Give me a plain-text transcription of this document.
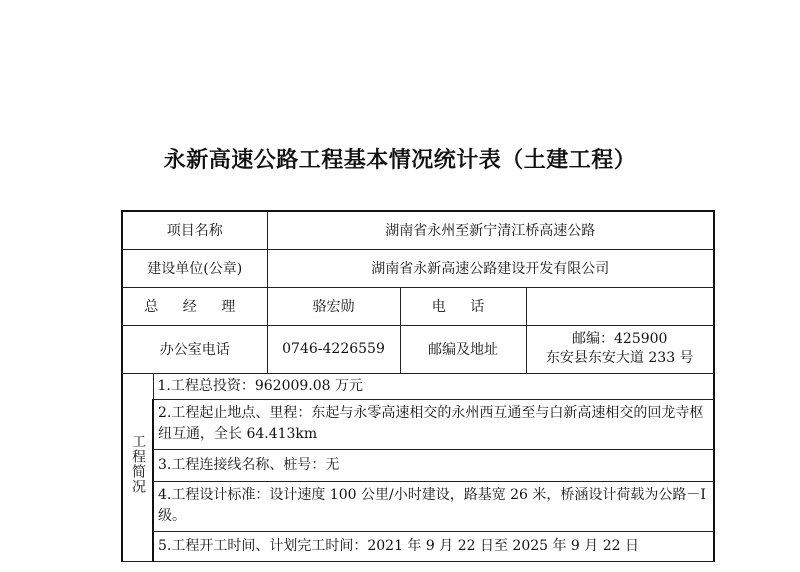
永新高速公路工程基本情况统计表（土建工程）
项目名称		湖南省永州至新宁清江桥高速公路		
建设单位(公章)		湖南省永新高速公路建设开发有限公司		
总 经 理		骆宏勋	电 话	
办公室电话		0746-4226559	邮编及地址	邮编：425900
东安县东安大道 233 号

工程简况	1.工程总投资：962009.08 万元			
	2.工程起止地点、里程：东起与永零高速相交的永州西互通至与白新高速相交的回龙寺枢纽互通，全长 64.413km			
	3.工程连接线名称、桩号：无			
	4.工程设计标准：设计速度 100 公里/小时建设，路基宽 26 米，桥涵设计荷载为公路－Ⅰ级。			
	5.工程开工时间、计划完工时间：2021 年 9 月 22 日至 2025 年 9 月 22 日			
